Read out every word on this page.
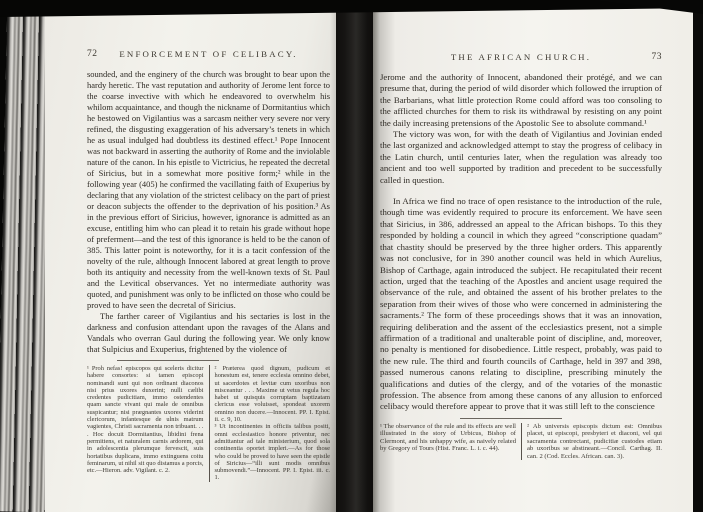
72	ENFORCEMENT OF CELIBACY.

sounded, and the enginery of the church was brought to bear upon the hardy heretic. The vast reputation and authority of Jerome lent force to the coarse invective with which he endeavored to overwhelm his whilom acquaintance, and though the nickname of Dormitantius which he bestowed on Vigilantius was a sarcasm neither very severe nor very refined, the disgusting exaggeration of his adversary’s tenets in which he as usual indulged had doubtless its destined effect.¹ Pope Innocent was not backward in asserting the authority of Rome and the inviolable nature of the canon. In his epistle to Victricius, he repeated the decretal of Siricius, but in a somewhat more positive form;² while in the following year (405) he confirmed the vacillating faith of Exuperius by declaring that any violation of the strictest celibacy on the part of priest or deacon subjects the offender to the deprivation of his position.³ As in the previous effort of Siricius, however, ignorance is admitted as an excuse, entitling him who can plead it to retain his grade without hope of preferment—and the test of this ignorance is held to be the canon of 385. This latter point is noteworthy, for it is a tacit confession of the novelty of the rule, although Innocent labored at great length to prove both its antiquity and necessity from the well-known texts of St. Paul and the Levitical observances. Yet no intermediate authority was quoted, and punishment was only to be inflicted on those who could be proved to have seen the decretal of Siricius.

The farther career of Vigilantius and his sectaries is lost in the darkness and confusion attendant upon the ravages of the Alans and Vandals who overran Gaul during the following year. We only know that Sulpicius and Exuperius, frightened by the violence of

¹ Proh nefas! episcopos qui sceleris dicitur habere consortes: si tamen episcopi nominandi sunt qui non ordinant diaconos nisi prius uxores duxerint; nulli cælibi credentes pudicitiam, immo ostendentes quam sancte vivant qui male de omnibus suspicantur; nisi prægnantes uxores viderint clericorum, infantesque de ulnis matrum vagientes, Christi sacramenta non tribuant. . . . Hoc docuit Dormitantius, libidini frena permittens, et naturalem carnis ardorem, qui in adolescentia plerumque fervescit, suis hortatibus duplicans, immo extinguens coitu feminarum, ut nihil sit quo distamus a porcis, etc.—Hieron. adv. Vigilant. c. 2.

² Præterea quod dignum, pudicum et honestum est, tenere ecclesia omnino debet, ut sacerdotes et levitæ cum uxoribus non misceantur . . . Maxime ut vetus regula hoc habet ut quisquis corruptam baptizatam clericus esse voluisset, spondeat uxorem omnino non ducere.—Innocent. PP. I. Epist. ii. c. 9, 10.

³ Ut incontinentes in officiis talibus positi, omni ecclesiastico honore priventur, nec admittantur ad tale ministerium, quod sola continentia oportet impleri.—As for those who could be proved to have seen the epistle of Siricius—“illi sunt modis omnibus submovendi.”—Innocent. PP. I. Epist. iii. c. 1.

THE AFRICAN CHURCH.	73

Jerome and the authority of Innocent, abandoned their protégé, and we can presume that, during the period of wild disorder which followed the irruption of the Barbarians, what little protection Rome could afford was too consoling to the afflicted churches for them to risk its withdrawal by resisting on any point the daily increasing pretensions of the Apostolic See to absolute command.¹

The victory was won, for with the death of Vigilantius and Jovinian ended the last organized and acknowledged attempt to stay the progress of celibacy in the Latin church, until centuries later, when the regulation was already too ancient and too well supported by tradition and precedent to be successfully called in question.

In Africa we find no trace of open resistance to the introduction of the rule, though time was evidently required to procure its enforcement. We have seen that Siricius, in 386, addressed an appeal to the African bishops. To this they responded by holding a council in which they agreed “conscriptione quadam” that chastity should be preserved by the three higher orders. This apparently was not conclusive, for in 390 another council was held in which Aurelius, Bishop of Carthage, again introduced the subject. He recapitulated their recent action, urged that the teaching of the Apostles and ancient usage required the observance of the rule, and obtained the assent of his brother prelates to the separation from their wives of those who were concerned in administering the sacraments.² The form of these proceedings shows that it was an innovation, requiring deliberation and the assent of the ecclesiastics present, not a simple affirmation of a traditional and unalterable point of discipline, and, moreover, no penalty is mentioned for disobedience. Little respect, probably, was paid to the new rule. The third and fourth councils of Carthage, held in 397 and 398, passed numerous canons relating to discipline, prescribing minutely the qualifications and duties of the clergy, and of the votaries of the monastic profession. The absence from among these canons of any allusion to enforced celibacy would therefore appear to prove that it was still left to the conscience

¹ The observance of the rule and its effects are well illustrated in the story of Urbicus, Bishop of Clermont, and his unhappy wife, as naively related by Gregory of Tours (Hist. Franc. L. i. c. 44).

² Ab universis episcopis dictum est: Omnibus placet, ut episcopi, presbyteri et diaconi, vel qui sacramenta contrectant, pudicitiæ custodes etiam ab uxoribus se abstineant.—Concil. Carthag. II. can. 2 (Cod. Eccles. African. can. 3).
